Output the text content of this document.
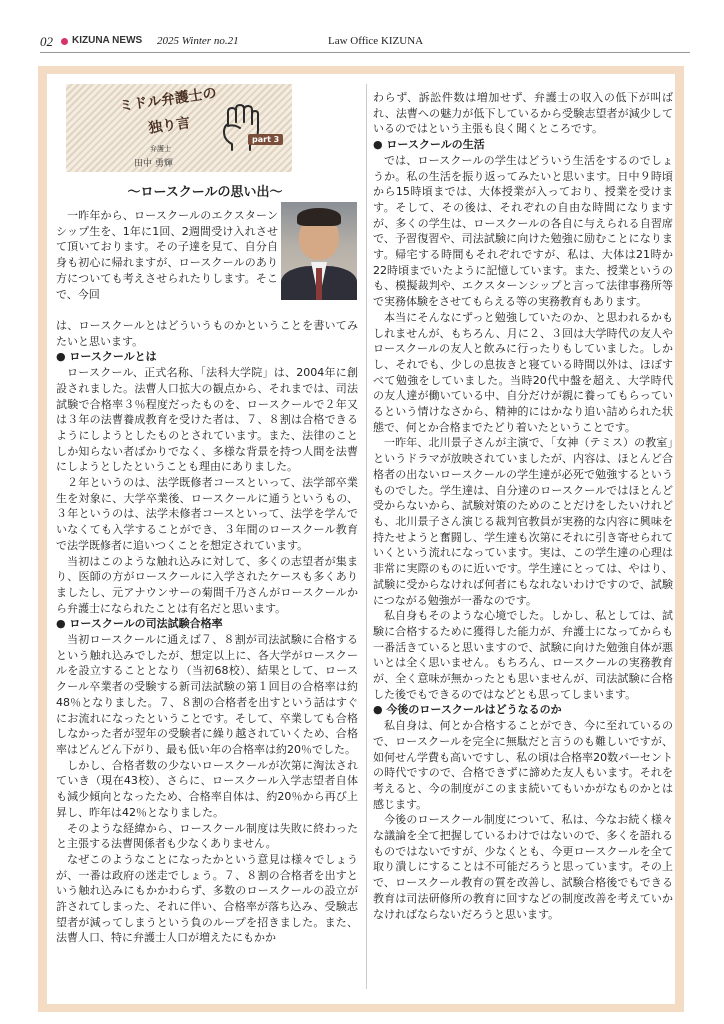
02 KIZUNA NEWS 2025 Winter no.21	Law Office KIZUNA
ミドル弁護士の
独り言
part 3
弁護士
田中 勇輝
〜ロースクールの思い出〜

一昨年から、ロースクールのエクスターンシップ生を、1年に1回、2週間受け入れさせて頂いております。その子達を見て、自分自身も初心に帰れますが、ロースクールのあり方についても考えさせられたりします。そこで、今回

は、ロースクールとはどういうものかということを書いてみたいと思います。

● ロースクールとは

ロースクール、正式名称、「法科大学院」は、2004年に創設されました。法曹人口拡大の観点から、それまでは、司法試験で合格率３％程度だったものを、ロースクールで２年又は３年の法曹養成教育を受けた者は、７、８割は合格できるようにしようとしたものとされています。また、法律のことしか知らない者ばかりでなく、多様な背景を持つ人間を法曹にしようとしたということも理由にありました。

２年というのは、法学既修者コースといって、法学部卒業生を対象に、大学卒業後、ロースクールに通うというもの、３年というのは、法学未修者コースといって、法学を学んでいなくても入学することができ、３年間のロースクール教育で法学既修者に追いつくことを想定されています。

当初はこのような触れ込みに対して、多くの志望者が集まり、医師の方がロースクールに入学されたケースも多くありましたし、元アナウンサーの菊間千乃さんがロースクールから弁護士になられたことは有名だと思います。

● ロースクールの司法試験合格率

当初ロースクールに通えば７、８割が司法試験に合格するという触れ込みでしたが、想定以上に、各大学がロースクールを設立することとなり（当初68校）、結果として、ロースクール卒業者の受験する新司法試験の第１回目の合格率は約48％となりました。７、８割の合格者を出すという話はすぐにお流れになったということです。そして、卒業しても合格しなかった者が翌年の受験者に繰り越されていくため、合格率はどんどん下がり、最も低い年の合格率は約20％でした。

しかし、合格者数の少ないロースクールが次第に淘汰されていき（現在43校）、さらに、ロースクール入学志望者自体も減少傾向となったため、合格率自体は、約20％から再び上昇し、昨年は42％となりました。

そのような経緯から、ロースクール制度は失敗に終わったと主張する法曹関係者も少なくありません。

なぜこのようなことになったかという意見は様々でしょうが、一番は政府の迷走でしょう。７、８割の合格者を出すという触れ込みにもかかわらず、多数のロースクールの設立が許されてしまった、それに伴い、合格率が落ち込み、受験志望者が減ってしまうという負のループを招きました。また、法曹人口、特に弁護士人口が増えたにもかか

わらず、訴訟件数は増加せず、弁護士の収入の低下が叫ばれ、法曹への魅力が低下しているから受験志望者が減少しているのではという主張も良く聞くところです。

● ロースクールの生活

では、ロースクールの学生はどういう生活をするのでしょうか。私の生活を振り返ってみたいと思います。日中９時頃から15時頃までは、大体授業が入っており、授業を受けます。そして、その後は、それぞれの自由な時間になりますが、多くの学生は、ロースクールの各自に与えられる自習席で、予習復習や、司法試験に向けた勉強に励むことになります。帰宅する時間もそれぞれですが、私は、大体は21時か22時頃までいたように記憶しています。また、授業というのも、模擬裁判や、エクスターンシップと言って法律事務所等で実務体験をさせてもらえる等の実務教育もあります。

本当にそんなにずっと勉強していたのか、と思われるかもしれませんが、もちろん、月に２、３回は大学時代の友人やロースクールの友人と飲みに行ったりもしていました。しかし、それでも、少しの息抜きと寝ている時間以外は、ほぼすべて勉強をしていました。当時20代中盤を超え、大学時代の友人達が働いている中、自分だけが親に養ってもらっているという情けなさから、精神的にはかなり追い詰められた状態で、何とか合格までたどり着いたということです。

一昨年、北川景子さんが主演で、「女神（テミス）の教室」というドラマが放映されていましたが、内容は、ほとんど合格者の出ないロースクールの学生達が必死で勉強するというものでした。学生達は、自分達のロースクールではほとんど受からないから、試験対策のためのことだけをしたいけれども、北川景子さん演じる裁判官教員が実務的な内容に興味を持たせようと奮闘し、学生達も次第にそれに引き寄せられていくという流れになっています。実は、この学生達の心理は非常に実際のものに近いです。学生達にとっては、やはり、試験に受からなければ何者にもなれないわけですので、試験につながる勉強が一番なのです。

私自身もそのような心境でした。しかし、私としては、試験に合格するために獲得した能力が、弁護士になってからも一番活きていると思いますので、試験に向けた勉強自体が悪いとは全く思いません。もちろん、ロースクールの実務教育が、全く意味が無かったとも思いませんが、司法試験に合格した後でもできるのではなどとも思ってしまいます。

● 今後のロースクールはどうなるのか

私自身は、何とか合格することができ、今に至れているので、ロースクールを完全に無駄だと言うのも難しいですが、如何せん学費も高いですし、私の頃は合格率20数パーセントの時代ですので、合格できずに諦めた友人もいます。それを考えると、今の制度がこのまま続いてもいかがなものかとは感じます。

今後のロースクール制度について、私は、今なお続く様々な議論を全て把握しているわけではないので、多くを語れるものではないですが、少なくとも、今更ロースクールを全て取り潰しにすることは不可能だろうと思っています。その上で、ロースクール教育の質を改善し、試験合格後でもできる教育は司法研修所の教育に回すなどの制度改善を考えていかなければならないだろうと思います。
